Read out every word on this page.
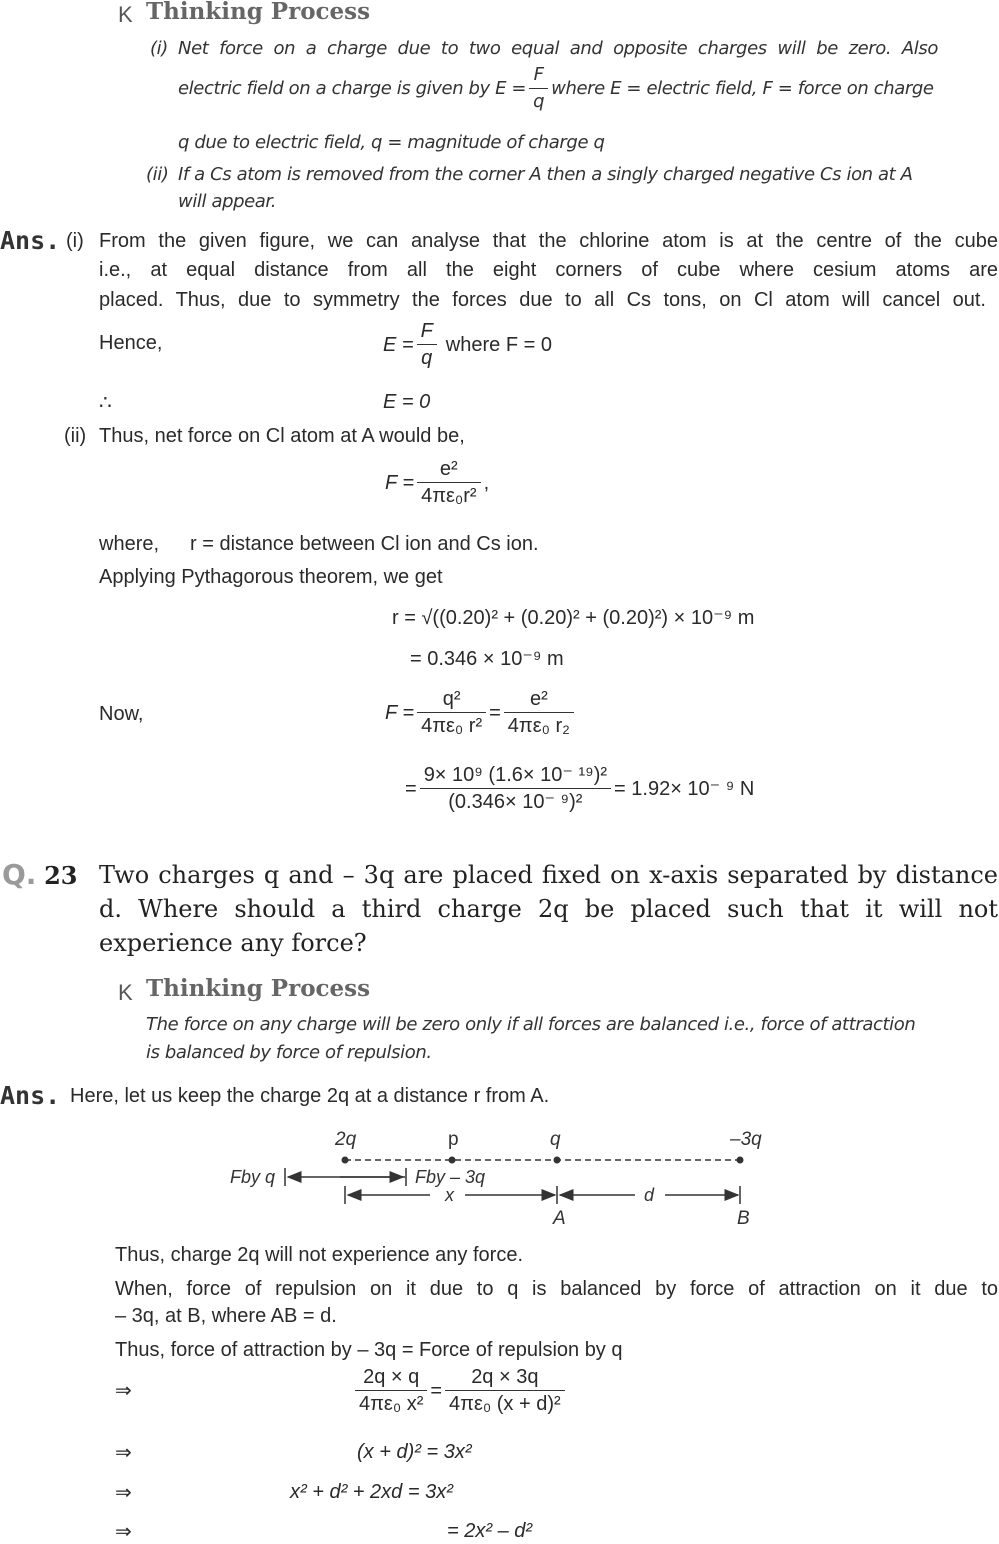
K Thinking Process
(i) Net force on a charge due to two equal and opposite charges will be zero. Also
electric field on a charge is given by $E = \frac{F}{q}$ where E = electric field, F = force on charge
q due to electric field, q = magnitude of charge q
(ii) If a Cs atom is removed from the corner A then a singly charged negative Cs ion at A
will appear.
Ans. (i) From the given figure, we can analyse that the chlorine atom is at the centre of the cube
i.e., at equal distance from all the eight corners of cube where cesium atoms are
placed. Thus, due to symmetry the forces due to all Cs tons, on Cl atom will cancel out.
Hence,	$E = \frac{F}{q}$ where F = 0
∴	E = 0
(ii) Thus, net force on Cl atom at A would be,
$F = \frac{\text{e²}}{\text{4πε₀r²}}$ ,
where, r = distance between Cl ion and Cs ion.
Applying Pythagorous theorem, we get
r = √((0.20)² + (0.20)² + (0.20)²) × 10⁻⁹ m
= 0.346 × 10⁻⁹ m
Now,	$F = \frac{\text{q²}}{\text{4πε₀ r²}} = \frac{\text{e²}}{\text{4πε₀ r₂}}$
= $\frac{\text{9× 10⁹ (1.6× 10⁻ ¹⁹)²}}{\text{(0.346× 10⁻ ⁹)²}} = 1.92\times 10^-$ ⁹ N
Q. 23 Two charges q and – 3q are placed fixed on x-axis separated by distance
d. Where should a third charge 2q be placed such that it will not
experience any force?
K Thinking Process
The force on any charge will be zero only if all forces are balanced i.e., force of attraction
is balanced by force of repulsion.
Ans. Here, let us keep the charge 2q at a distance r from A.
2q	p	q	–3q
Fby q	Fby – 3q
x	d
A	B
Thus, charge 2q will not experience any force.
When, force of repulsion on it due to q is balanced by force of attraction on it due to
– 3q, at B, where AB = d.
Thus, force of attraction by – 3q = Force of repulsion by q
⇒	$\frac{2q \times q}{\text{4πε₀ x²}} = \frac{2q \times 3q}{\text{4πε₀ (x + d)²}}$
⇒	(x + d)² = 3x²
⇒	x² + d² + 2xd = 3x²
⇒	= 2x² – d²
